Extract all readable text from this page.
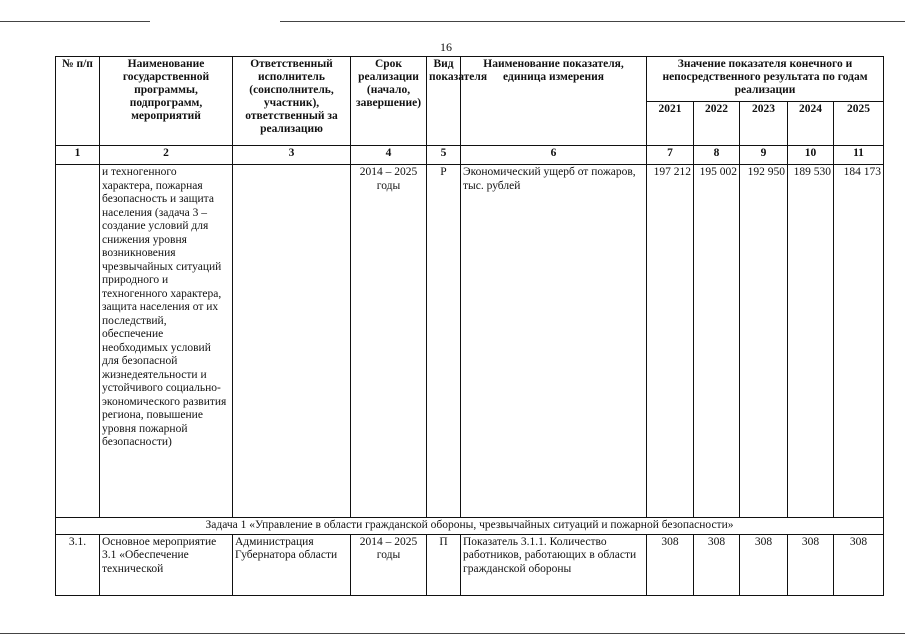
16
№ п/п	Наименование государственной программы, подпрограмм, мероприятий	Ответственный исполнитель (соисполнитель, участник), ответственный за реализацию	Срок реализации (начало, завершение)	Вид показателя	Наименование показателя, единица измерения	Значение показателя конечного и непосредственного результата по годам реализации				
						2021	2022	2023	2024	2025
1	2	3	4	5	6	7	8	9	10	11
	и техногенного характера, пожарная безопасность и защита населения (задача 3 – создание условий для снижения уровня возникновения чрезвычайных ситуаций природного и техногенного характера, защита населения от их последствий, обеспечение необходимых условий для безопасной жизнедеятельности и устойчивого социально-экономического развития региона, повышение уровня пожарной безопасности)		2014 – 2025 годы	Р	Экономический ущерб от пожаров, тыс. рублей	197 212	195 002	192 950	189 530	184 173
Задача 1 «Управление в области гражданской обороны, чрезвычайных ситуаций и пожарной безопасности»										
3.1.	Основное мероприятие 3.1 «Обеспечение технической	Администрация Губернатора области	2014 – 2025 годы	П	Показатель 3.1.1. Количество работников, работающих в области гражданской обороны	308	308	308	308	308
